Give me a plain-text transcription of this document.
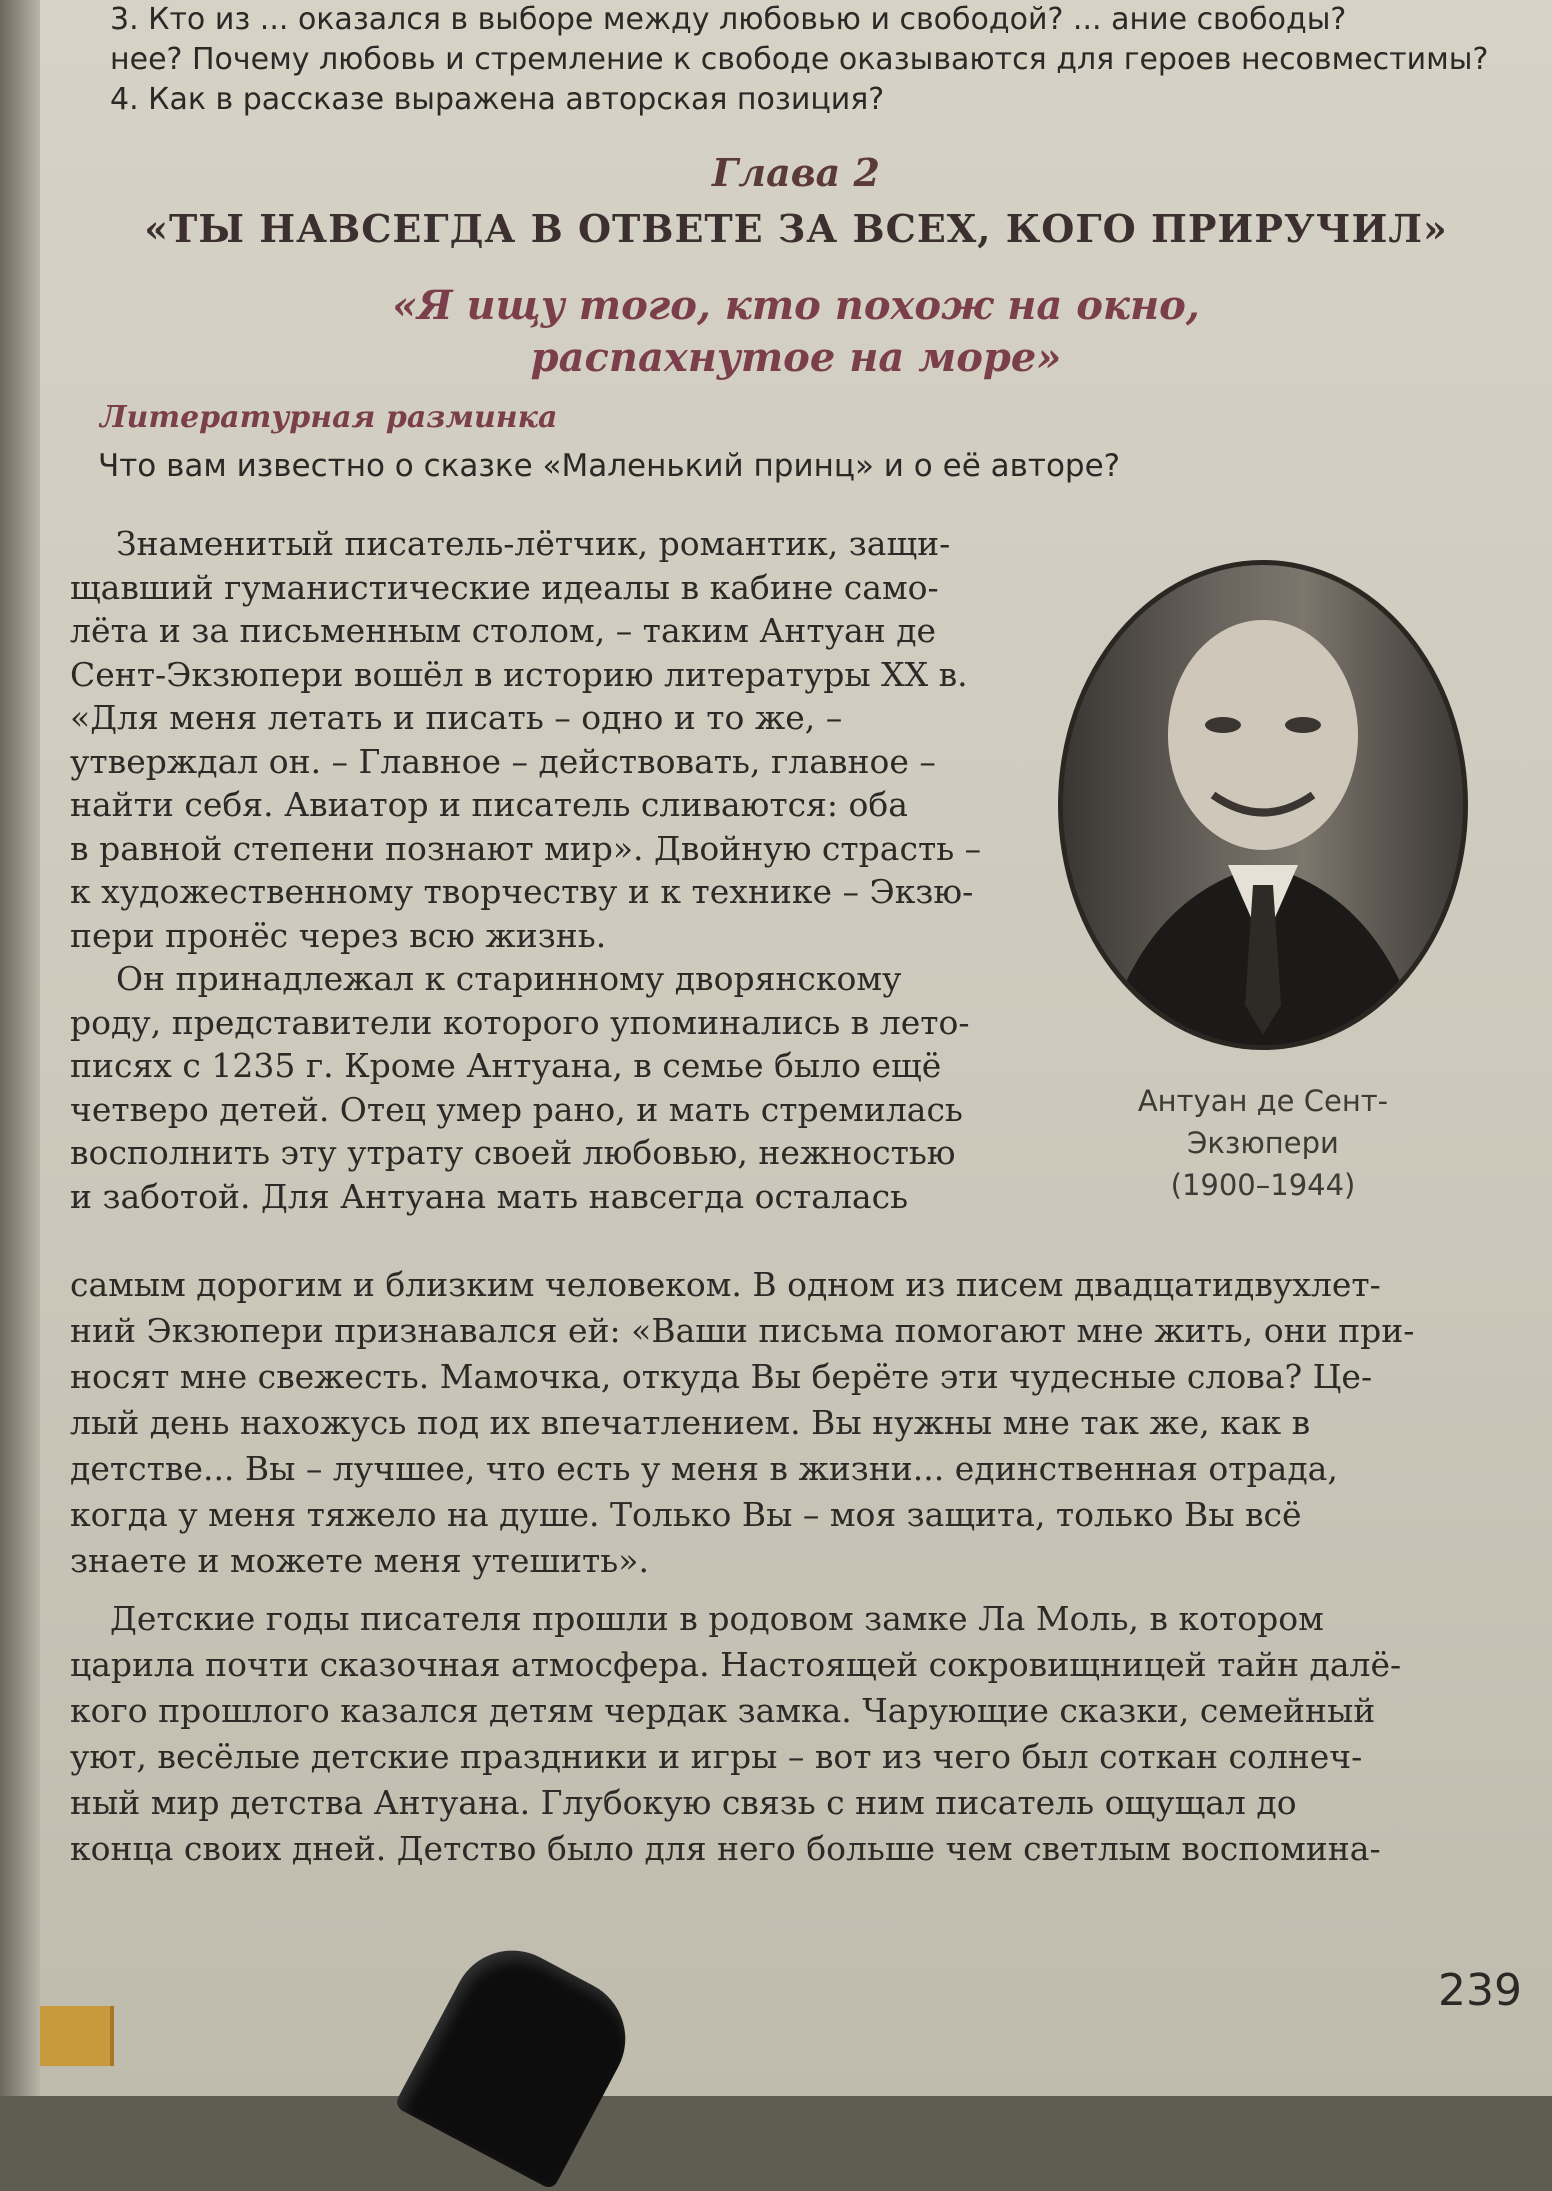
3. Кто из ... оказался в выборе между любовью и свободой? ... ание свободы?
нее? Почему любовь и стремление к свободе оказываются для героев несовместимы?
4. Как в рассказе выражена авторская позиция?
Глава 2
«ТЫ НАВСЕГДА В ОТВЕТЕ ЗА ВСЕХ, КОГО ПРИРУЧИЛ»
«Я ищу того, кто похож на окно,
распахнутое на море»
Литературная разминка
Что вам известно о сказке «Маленький принц» и о её авторе?

Знаменитый писатель-лётчик, романтик, защи-
щавший гуманистические идеалы в кабине само-
лёта и за письменным столом, – таким Антуан де
Сент-Экзюпери вошёл в историю литературы XX в.
«Для меня летать и писать – одно и то же, –
утверждал он. – Главное – действовать, главное –
найти себя. Авиатор и писатель сливаются: оба
в равной степени познают мир». Двойную страсть –
к художественному творчеству и к технике – Экзю-
пери пронёс через всю жизнь.

Он принадлежал к старинному дворянскому
роду, представители которого упоминались в лето-
писях с 1235 г. Кроме Антуана, в семье было ещё
четверо детей. Отец умер рано, и мать стремилась
восполнить эту утрату своей любовью, нежностью
и заботой. Для Антуана мать навсегда осталась

Антуан де Сент-
Экзюпери
(1900–1944)
самым дорогим и близким человеком. В одном из писем двадцатидвухлет-
ний Экзюпери признавался ей: «Ваши письма помогают мне жить, они при-
носят мне свежесть. Мамочка, откуда Вы берёте эти чудесные слова? Це-
лый день нахожусь под их впечатлением. Вы нужны мне так же, как в
детстве... Вы – лучшее, что есть у меня в жизни... единственная отрада,
когда у меня тяжело на душе. Только Вы – моя защита, только Вы всё
знаете и можете меня утешить».
Детские годы писателя прошли в родовом замке Ла Моль, в котором
царила почти сказочная атмосфера. Настоящей сокровищницей тайн далё-
кого прошлого казался детям чердак замка. Чарующие сказки, семейный
уют, весёлые детские праздники и игры – вот из чего был соткан солнеч-
ный мир детства Антуана. Глубокую связь с ним писатель ощущал до
конца своих дней. Детство было для него больше чем светлым воспомина-
239
